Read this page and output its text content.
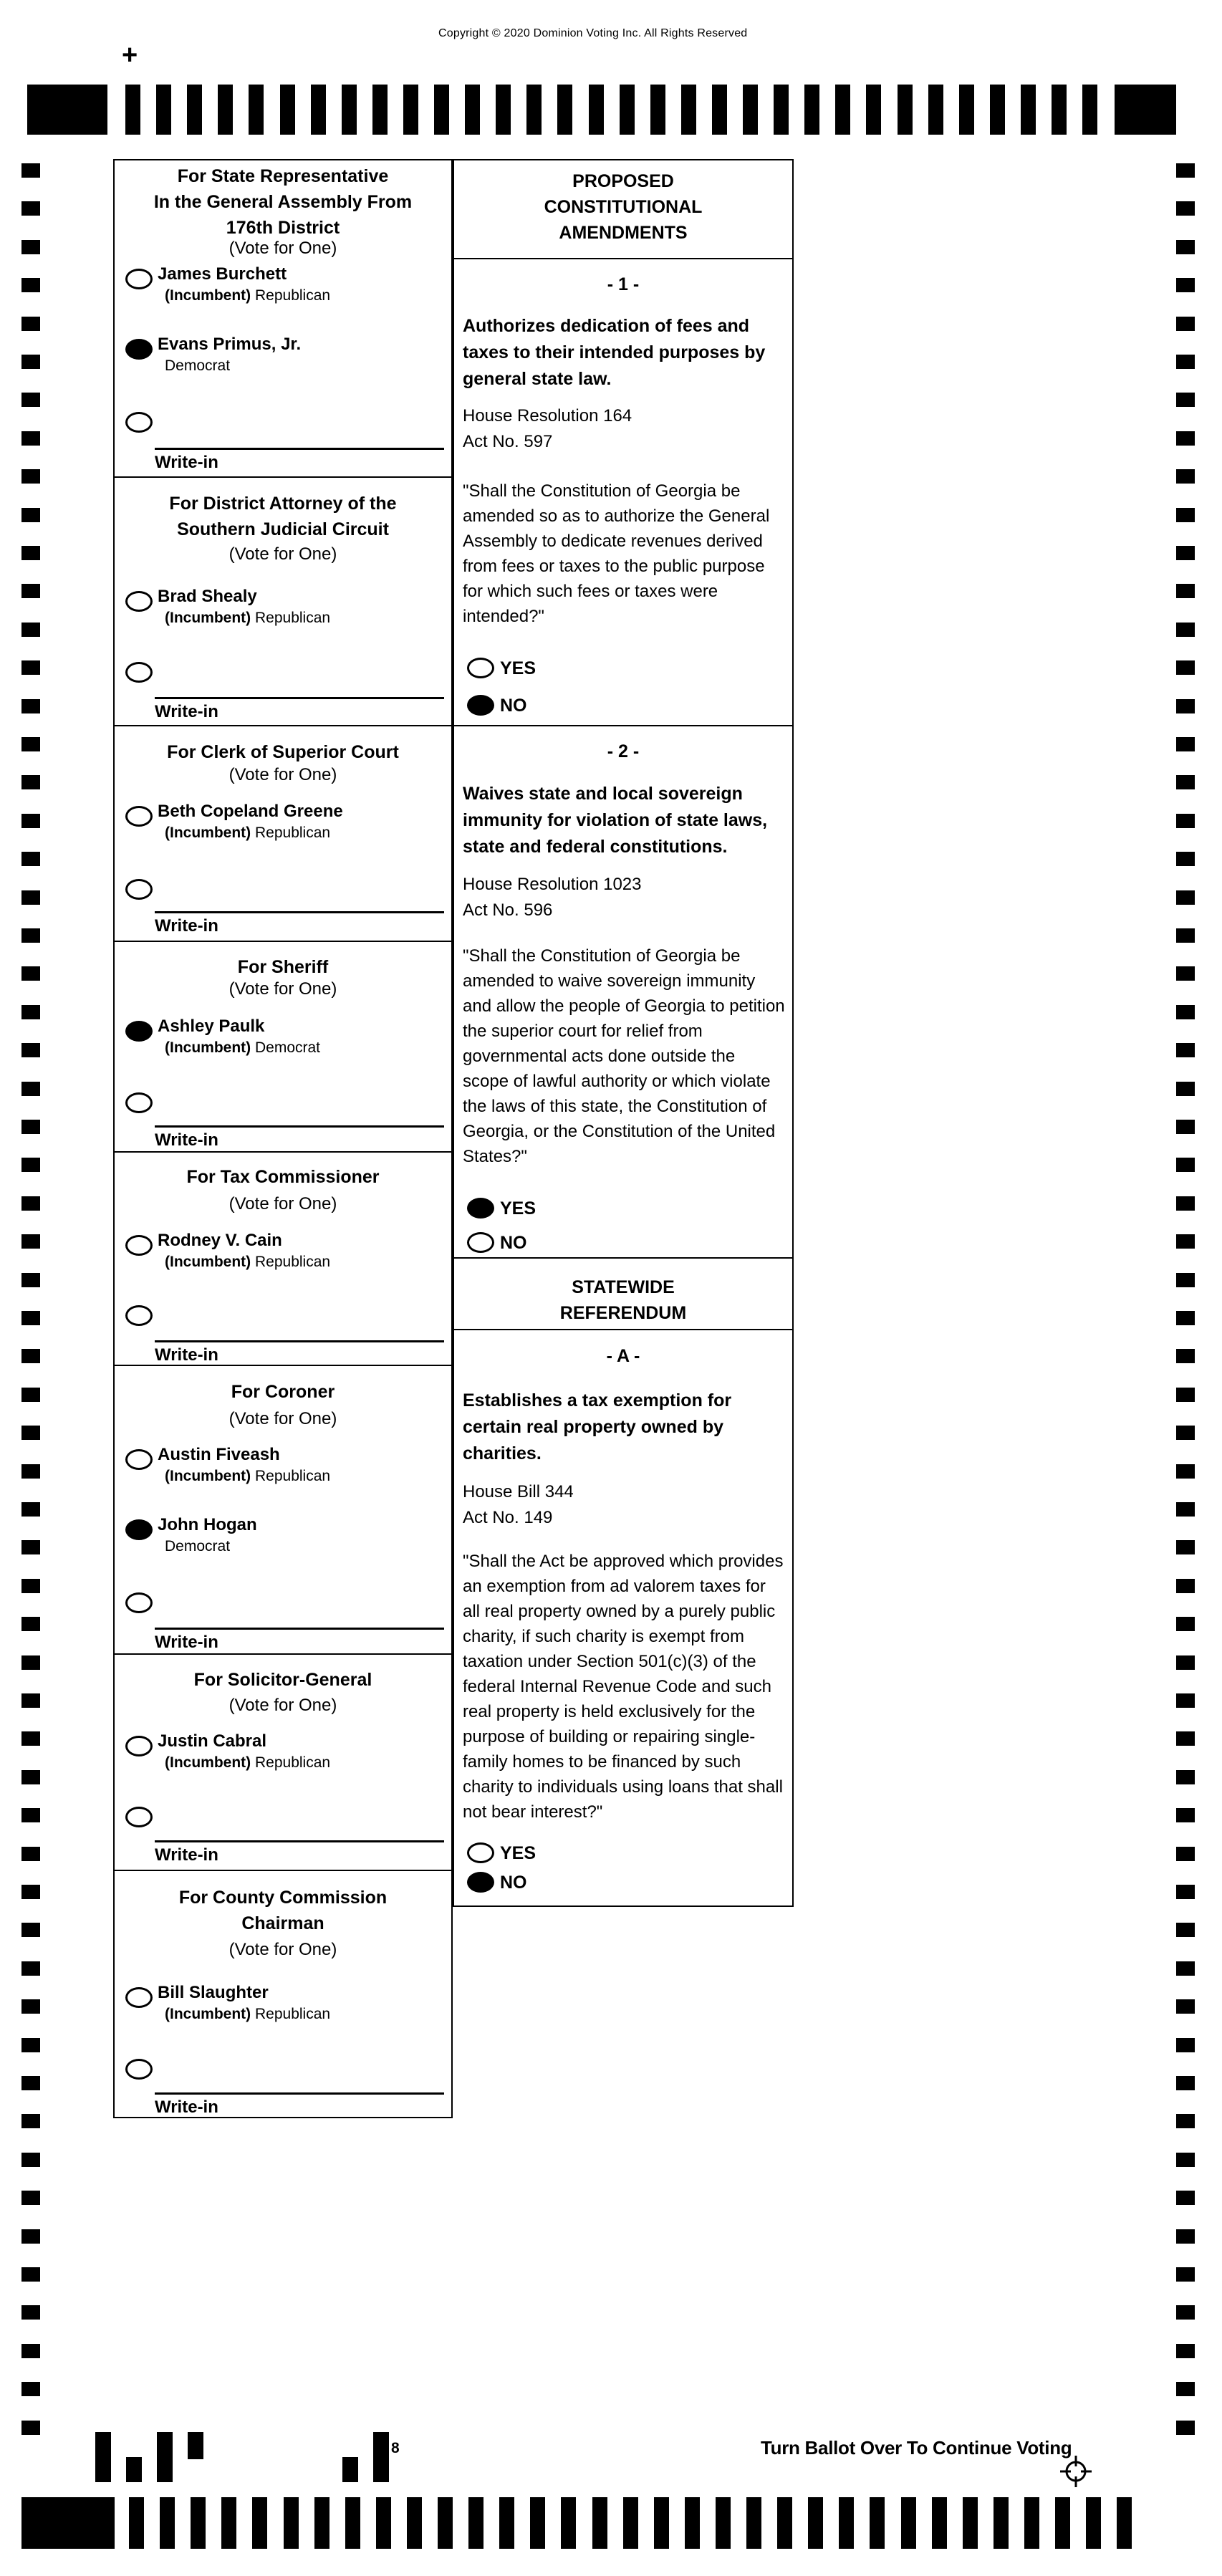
Copyright © 2020 Dominion Voting Inc. All Rights Reserved
+
For State Representative
In the General Assembly From
176th District
(Vote for One)
James Burchett
(Incumbent) Republican
Evans Primus, Jr.
Democrat
Write-in
For District Attorney of the
Southern Judicial Circuit
(Vote for One)
Brad Shealy
(Incumbent) Republican
Write-in
For Clerk of Superior Court
(Vote for One)
Beth Copeland Greene
(Incumbent) Republican
Write-in
For Sheriff
(Vote for One)
Ashley Paulk
(Incumbent) Democrat
Write-in
For Tax Commissioner
(Vote for One)
Rodney V. Cain
(Incumbent) Republican
Write-in
For Coroner
(Vote for One)
Austin Fiveash
(Incumbent) Republican
John Hogan
Democrat
Write-in
For Solicitor-General
(Vote for One)
Justin Cabral
(Incumbent) Republican
Write-in
For County Commission
Chairman
(Vote for One)
Bill Slaughter
(Incumbent) Republican
Write-in
PROPOSED
CONSTITUTIONAL
AMENDMENTS
STATEWIDE
REFERENDUM
- 1 -
Authorizes dedication of fees and taxes to their intended purposes by general state law.
House Resolution 164
Act No. 597
"Shall the Constitution of Georgia be amended so as to authorize the General Assembly to dedicate revenues derived from fees or taxes to the public purpose for which such fees or taxes were intended?"
YES
NO
- 2 -
Waives state and local sovereign immunity for violation of state laws, state and federal constitutions.
House Resolution 1023
Act No. 596
"Shall the Constitution of Georgia be amended to waive sovereign immunity and allow the people of Georgia to petition the superior court for relief from governmental acts done outside the scope of lawful authority or which violate the laws of this state, the Constitution of Georgia, or the Constitution of the United States?"
YES
NO
- A -
Establishes a tax exemption for certain real property owned by charities.
House Bill 344
Act No. 149
"Shall the Act be approved which provides an exemption from ad valorem taxes for all real property owned by a purely public charity, if such charity is exempt from taxation under Section 501(c)(3) of the federal Internal Revenue Code and such real property is held exclusively for the purpose of building or repairing single-family homes to be financed by such charity to individuals using loans that shall not bear interest?"
YES
NO
8	Turn Ballot Over To Continue Voting
